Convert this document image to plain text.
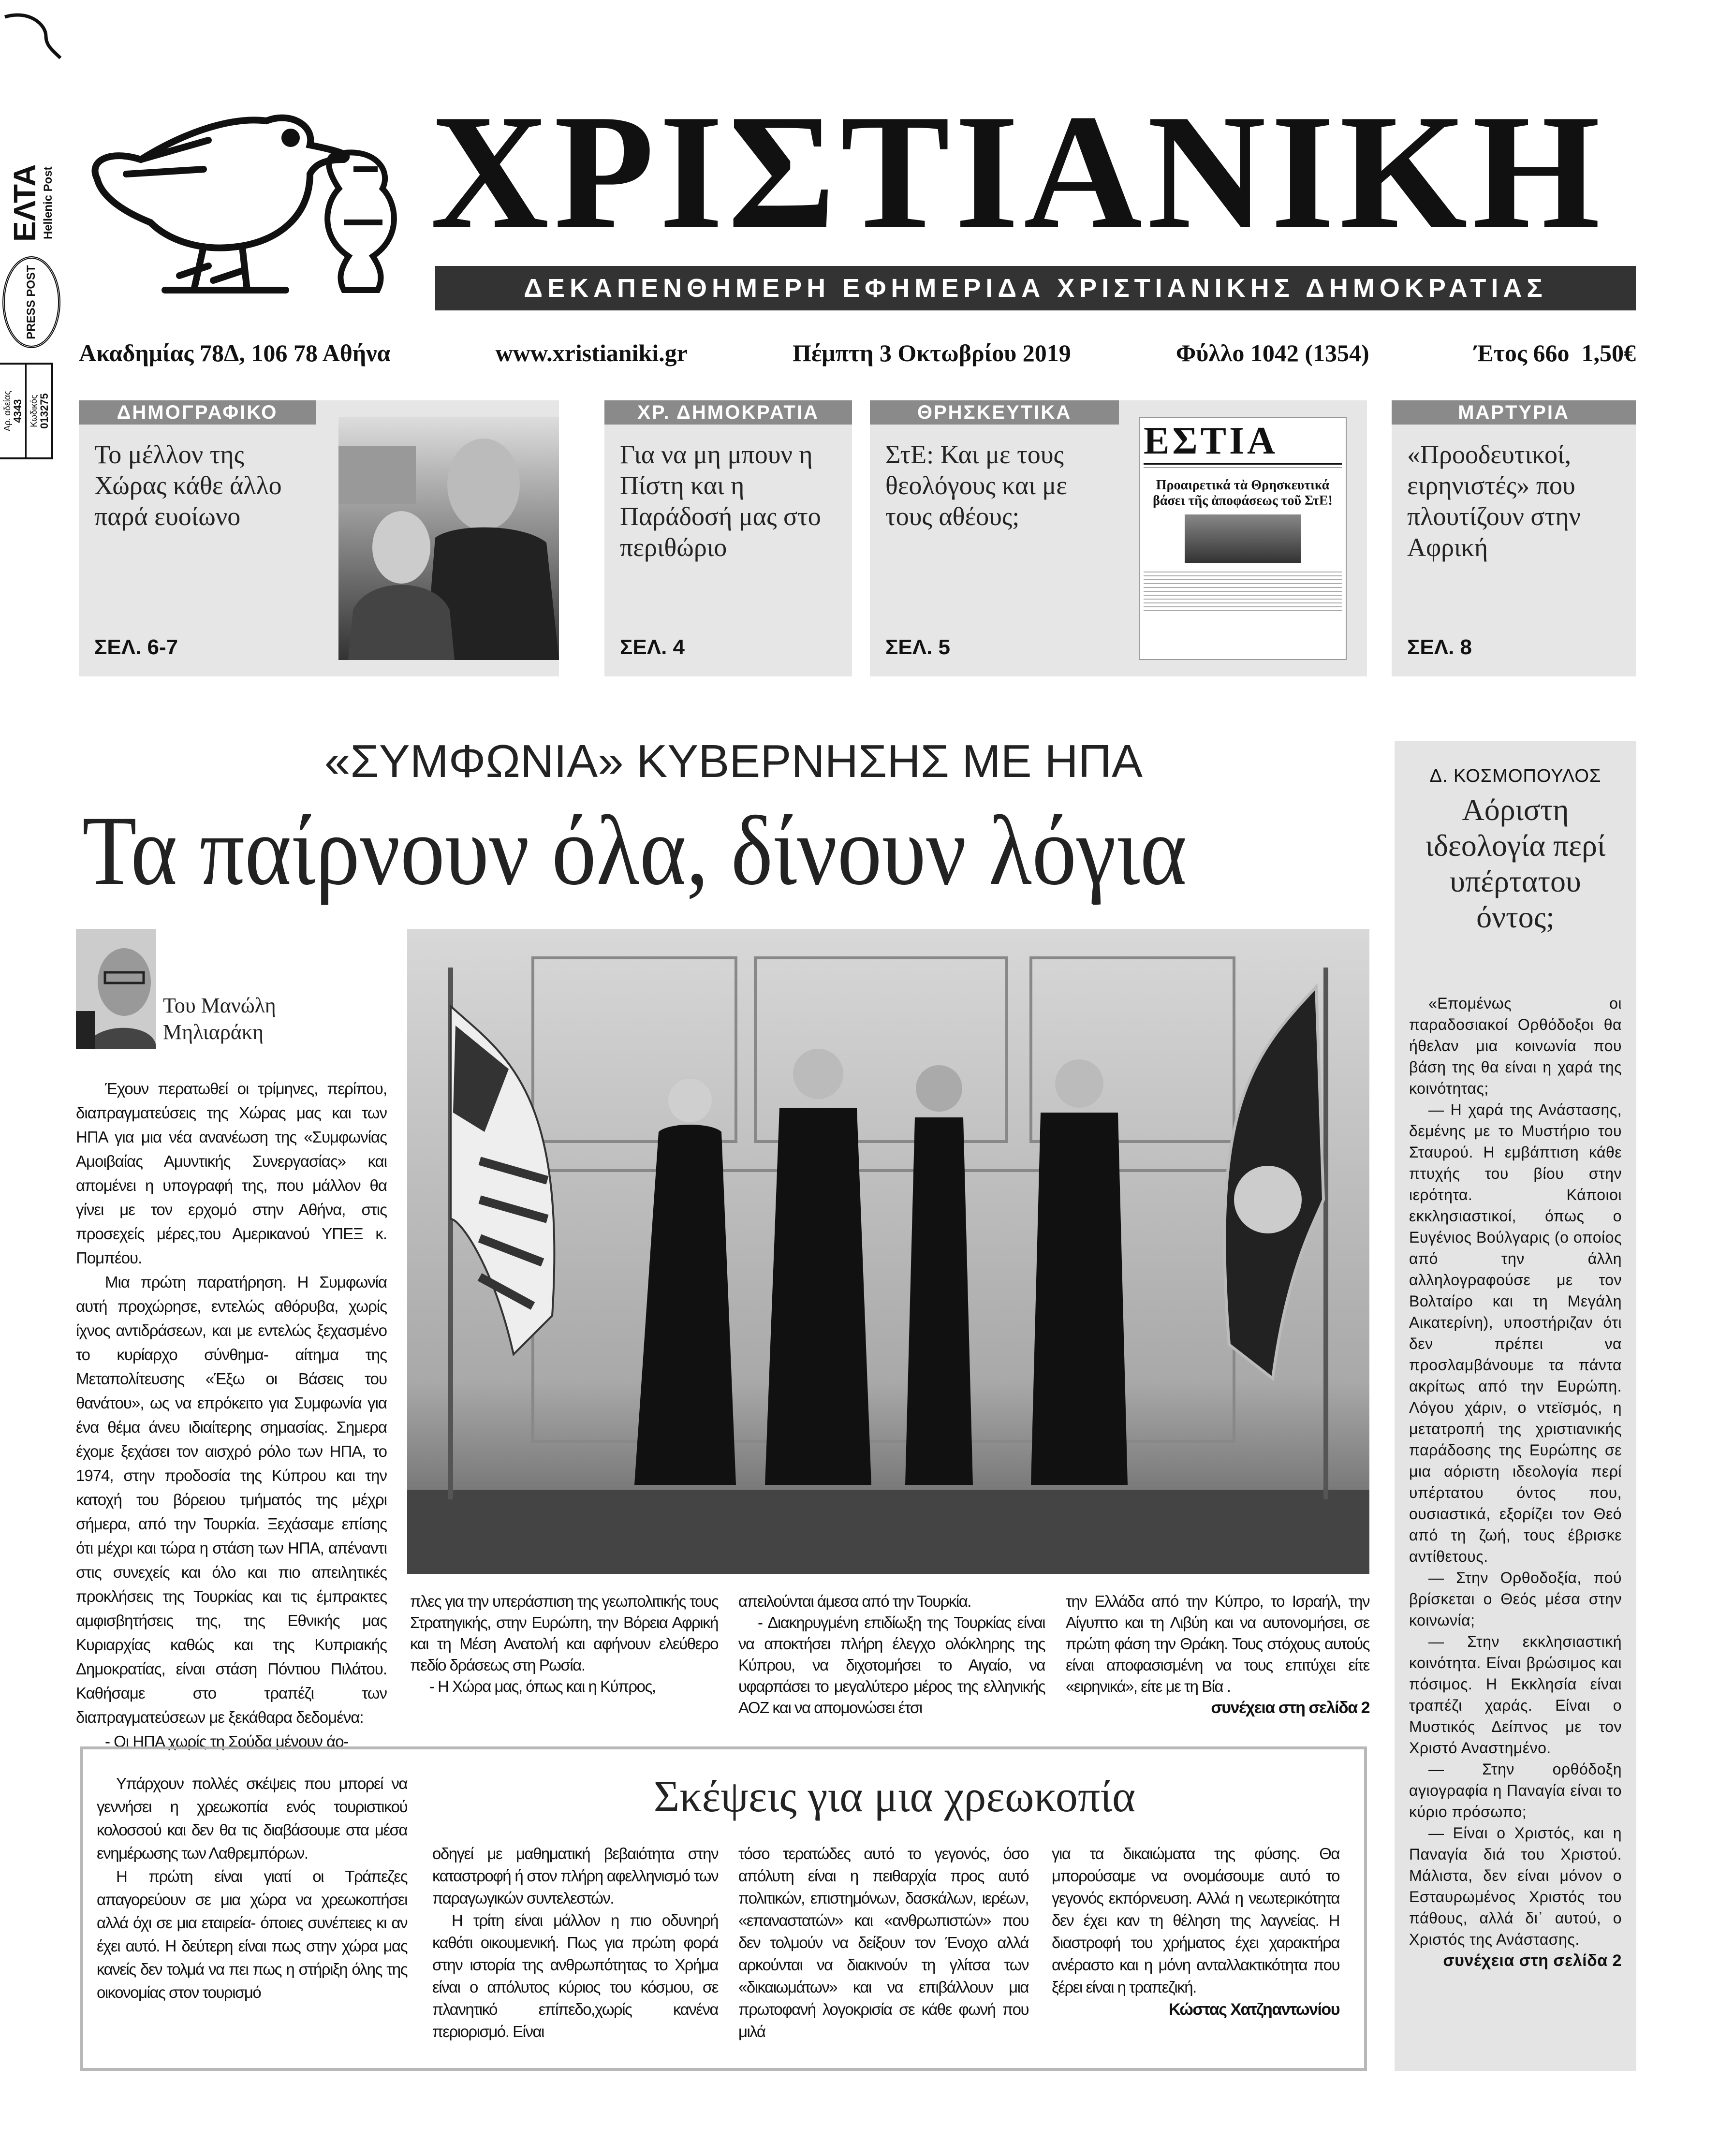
Αρ. αδείας 4343 Κωδικός 013275
PRESS POST
ΕΛΤΑ Hellenic Post ΧΡΙΣΤΙΑΝΙΚΗ
ΔΕΚΑΠΕΝΘΗΜΕΡΗ ΕΦΗΜΕΡΙΔΑ ΧΡΙΣΤΙΑΝΙΚΗΣ ΔΗΜΟΚΡΑΤΙΑΣ
Ακαδημίας 78Δ, 106 78 Αθήνα	www.xristianiki.gr	Πέμπτη 3 Οκτωβρίου 2019	Φύλλο 1042 (1354)	Έτος 66ο  1,50€
ΔΗΜΟΓΡΑΦΙΚΟ
Το μέλλον της Χώρας κάθε άλλο παρά ευοίωνο
ΣΕΛ. 6-7
ΧΡ. ΔΗΜΟΚΡΑΤΙΑ
Για να μη μπουν η Πίστη και η Παράδοσή μας στο περιθώριο
ΣΕΛ. 4
ΘΡΗΣΚΕΥΤΙΚΑ
ΣτΕ: Και με τους θεολόγους και με τους αθέους;
ΕΣΤΙΑ
Προαιρετικά τὰ Θρησκευτικά βάσει τῆς ἀποφάσεως τοῦ ΣτΕ!
ΣΕΛ. 5
ΜΑΡΤΥΡΙΑ
«Προοδευτικοί, ειρηνιστές» που πλουτίζουν στην Αφρική
ΣΕΛ. 8
«ΣΥΜΦΩΝΙΑ» ΚΥΒΕΡΝΗΣΗΣ ΜΕ ΗΠΑ
Τα παίρνουν όλα, δίνουν λόγια
Του Μανώλη
Μηλιαράκη

Έχουν περατωθεί οι τρίμηνες, περίπου, διαπραγματεύσεις της Χώρας μας και των ΗΠΑ για μια νέα ανανέωση της «Συμφωνίας Αμοιβαίας Αμυντικής Συνεργασίας» και απομένει η υπογραφή της, που μάλλον θα γίνει με τον ερχομό στην Αθήνα, στις προσεχείς μέρες,του Αμερικανού ΥΠΕΞ κ. Πομπέου.

Μια πρώτη παρατήρηση. Η Συμφωνία αυτή προχώρησε, εντελώς αθόρυβα, χωρίς ίχνος αντιδράσεων, και με εντελώς ξεχασμένο το κυρίαρχο σύνθημα- αίτημα της Μεταπολίτευσης «Έξω οι Βάσεις του θανάτου», ως να επρόκειτο για Συμφωνία για ένα θέμα άνευ ιδιαίτερης σημασίας. Σημερα έχομε ξεχάσει τον αισχρό ρόλο των ΗΠΑ, το 1974, στην προδοσία της Κύπρου και την κατοχή του βόρειου τμήματός της μέχρι σήμερα, από την Τουρκία. Ξεχάσαμε επίσης ότι μέχρι και τώρα η στάση των ΗΠΑ, απέναντι στις συνεχείς και όλο και πιο απειλητικές προκλήσεις της Τουρκίας και τις έμπρακτες αμφισβητήσεις της, της Εθνικής μας Κυριαρχίας καθώς και της Κυπριακής Δημοκρατίας, είναι στάση Πόντιου Πιλάτου. Καθήσαμε στο τραπέζι των διαπραγματεύσεων με ξεκάθαρα δεδομένα:

- Οι ΗΠΑ χωρίς τη Σούδα μένουν άο-

πλες για την υπεράσπιση της γεωπολιτικής τους Στρατηγικής, στην Ευρώπη, την Βόρεια Αφρική και τη Μέση Ανατολή και αφήνουν ελεύθερο πεδίο δράσεως στη Ρωσία.

- Η Χώρα μας, όπως και η Κύπρος,

απειλούνται άμεσα από την Τουρκία.

- Διακηρυγμένη επιδίωξη της Τουρκίας είναι να αποκτήσει πλήρη έλεγχο ολόκληρης της Κύπρου, να διχοτομήσει το Αιγαίο, να υφαρπάσει το μεγαλύτερο μέρος της ελληνικής ΑΟΖ και να απομονώσει έτσι

την Ελλάδα από την Κύπρο, το Ισραήλ, την Αίγυπτο και τη Λιβύη και να αυτονομήσει, σε πρώτη φάση την Θράκη. Τους στόχους αυτούς είναι αποφασισμένη να τους επιτύχει είτε «ειρηνικά», είτε με τη Βία .

συνέχεια στη σελίδα 2

Δ. ΚΟΣΜΟΠΟΥΛΟΣ
Αόριστη ιδεολογία περί υπέρτατου όντος;

«Επομένως οι παραδοσιακοί Ορθόδοξοι θα ήθελαν μια κοινωνία που βάση της θα είναι η χαρά της κοινότητας;

— Η χαρά της Ανάστασης, δεμένης με το Μυστήριο του Σταυρού. Η εμβάπτιση κάθε πτυχής του βίου στην ιερότητα. Κάποιοι εκκλησιαστικοί, όπως ο Ευγένιος Βούλγαρις (ο οποίος από την άλλη αλληλογραφούσε με τον Βολταίρο και τη Μεγάλη Αικατερίνη), υποστήριζαν ότι δεν πρέπει να προσλαμβάνουμε τα πάντα ακρίτως από την Ευρώπη. Λόγου χάριν, ο ντεϊσμός, η μετατροπή της χριστιανικής παράδοσης της Ευρώπης σε μια αόριστη ιδεολογία περί υπέρτατου όντος που, ουσιαστικά, εξορίζει τον Θεό από τη ζωή, τους έβρισκε αντίθετους.

— Στην Ορθοδοξία, πού βρίσκεται ο Θεός μέσα στην κοινωνία;

— Στην εκκλησιαστική κοινότητα. Είναι βρώσιμος και πόσιμος. Η Εκκλησία είναι τραπέζι χαράς. Είναι ο Μυστικός Δείπνος με τον Χριστό Αναστημένο.

— Στην ορθόδοξη αγιογραφία η Παναγία είναι το κύριο πρόσωπο;

— Είναι ο Χριστός, και η Παναγία διά του Χριστού. Μάλιστα, δεν είναι μόνον ο Εσταυρωμένος Χριστός του πάθους, αλλά δι᾽ αυτού, ο Χριστός της Ανάστασης.

συνέχεια στη σελίδα 2

Σκέψεις για μια χρεωκοπία

Υπάρχουν πολλές σκέψεις που μπορεί να γεννήσει η χρεωκοπία ενός τουριστικού κολοσσού και δεν θα τις διαβάσουμε στα μέσα ενημέρωσης των Λαθρεμπόρων.

Η πρώτη είναι γιατί οι Τράπεζες απαγορεύουν σε μια χώρα να χρεωκοπήσει αλλά όχι σε μια εταιρεία- όποιες συνέπειες κι αν έχει αυτό. Η δεύτερη είναι πως στην χώρα μας κανείς δεν τολμά να πει πως η στήριξη όλης της οικονομίας στον τουρισμό

οδηγεί με μαθηματική βεβαιότητα στην καταστροφή ή στον πλήρη αφελληνισμό των παραγωγικών συντελεστών.

Η τρίτη είναι μάλλον η πιο οδυνηρή καθότι οικουμενική. Πως για πρώτη φορά στην ιστορία της ανθρωπότητας το Χρήμα είναι ο απόλυτος κύριος του κόσμου, σε πλανητικό επίπεδο,χωρίς κανένα περιορισμό. Είναι

τόσο τερατώδες αυτό το γεγονός, όσο απόλυτη είναι η πειθαρχία προς αυτό πολιτικών, επιστημόνων, δασκάλων, ιερέων, «επαναστατών» και «ανθρωπιστών» που δεν τολμούν να δείξουν τον Ένοχο αλλά αρκούνται να διακινούν τη γλίτσα των «δικαιωμάτων» και να επιβάλλουν μια πρωτοφανή λογοκρισία σε κάθε φωνή που μιλά

για τα δικαιώματα της φύσης. Θα μπορούσαμε να ονομάσουμε αυτό το γεγονός εκπόρνευση. Αλλά η νεωτερικότητα δεν έχει καν τη θέληση της λαγνείας. Η διαστροφή του χρήματος έχει χαρακτήρα ανέραστο και η μόνη ανταλλακτικότητα που ξέρει είναι η τραπεζική.

Κώστας Χατζηαντωνίου
